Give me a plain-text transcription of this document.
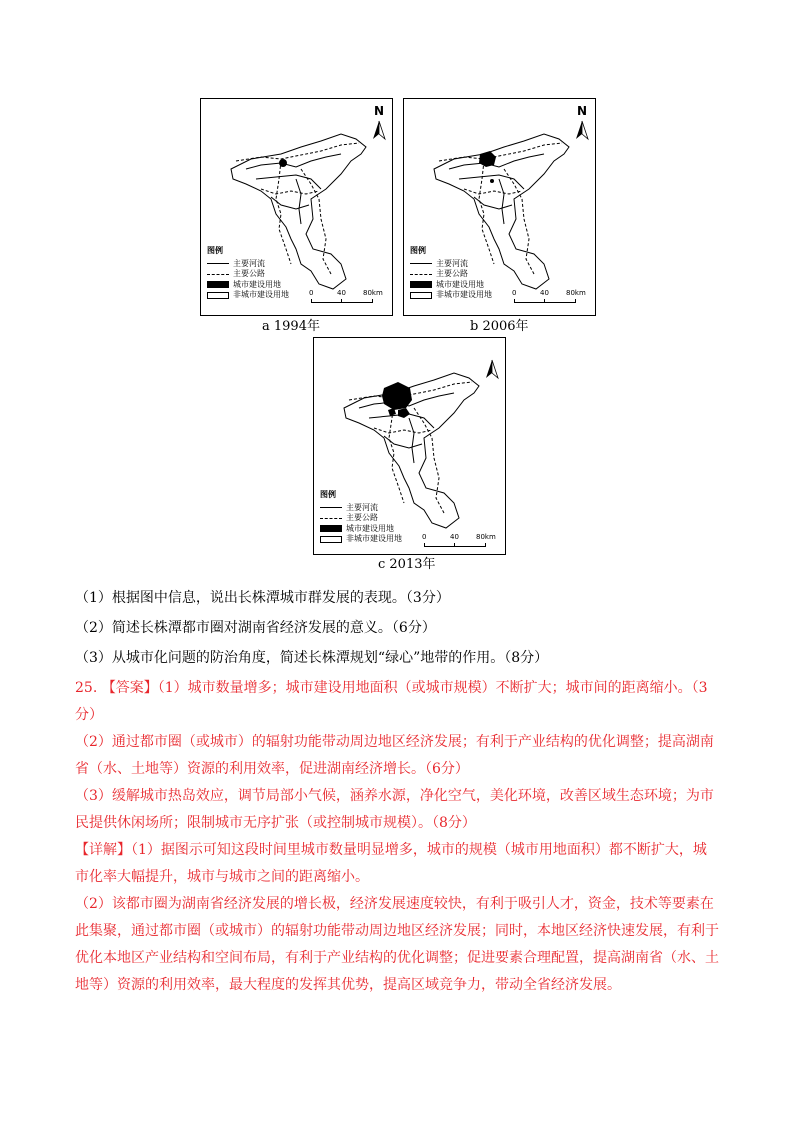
N
图例
主要河流
主要公路
城市建设用地
非城市建设用地	0	40 80km
a 1994年
N
图例
主要河流
主要公路
城市建设用地
非城市建设用地	0	40 80km
b 2006年
图例
主要河流
主要公路
城市建设用地
非城市建设用地	0	40 80km
c 2013年
（1）根据图中信息，说出长株潭城市群发展的表现。（3分）
（2）简述长株潭都市圈对湖南省经济发展的意义。（6分）
（3）从城市化问题的防治角度，简述长株潭规划“绿心”地带的作用。（8分）
25. 【答案】（1）城市数量增多；城市建设用地面积（或城市规模）不断扩大；城市间的距离缩小。（3
分）
（2）通过都市圈（或城市）的辐射功能带动周边地区经济发展；有利于产业结构的优化调整；提高湖南
省（水、土地等）资源的利用效率，促进湖南经济增长。（6分）
（3）缓解城市热岛效应，调节局部小气候，涵养水源，净化空气，美化环境，改善区域生态环境；为市
民提供休闲场所；限制城市无序扩张（或控制城市规模）。（8分）
【详解】（1）据图示可知这段时间里城市数量明显增多，城市的规模（城市用地面积）都不断扩大，城
市化率大幅提升，城市与城市之间的距离缩小。
（2）该都市圈为湖南省经济发展的增长极，经济发展速度较快，有利于吸引人才，资金，技术等要素在
此集聚，通过都市圈（或城市）的辐射功能带动周边地区经济发展；同时，本地区经济快速发展，有利于
优化本地区产业结构和空间布局，有利于产业结构的优化调整；促进要素合理配置，提高湖南省（水、土
地等）资源的利用效率，最大程度的发挥其优势，提高区域竞争力，带动全省经济发展。
